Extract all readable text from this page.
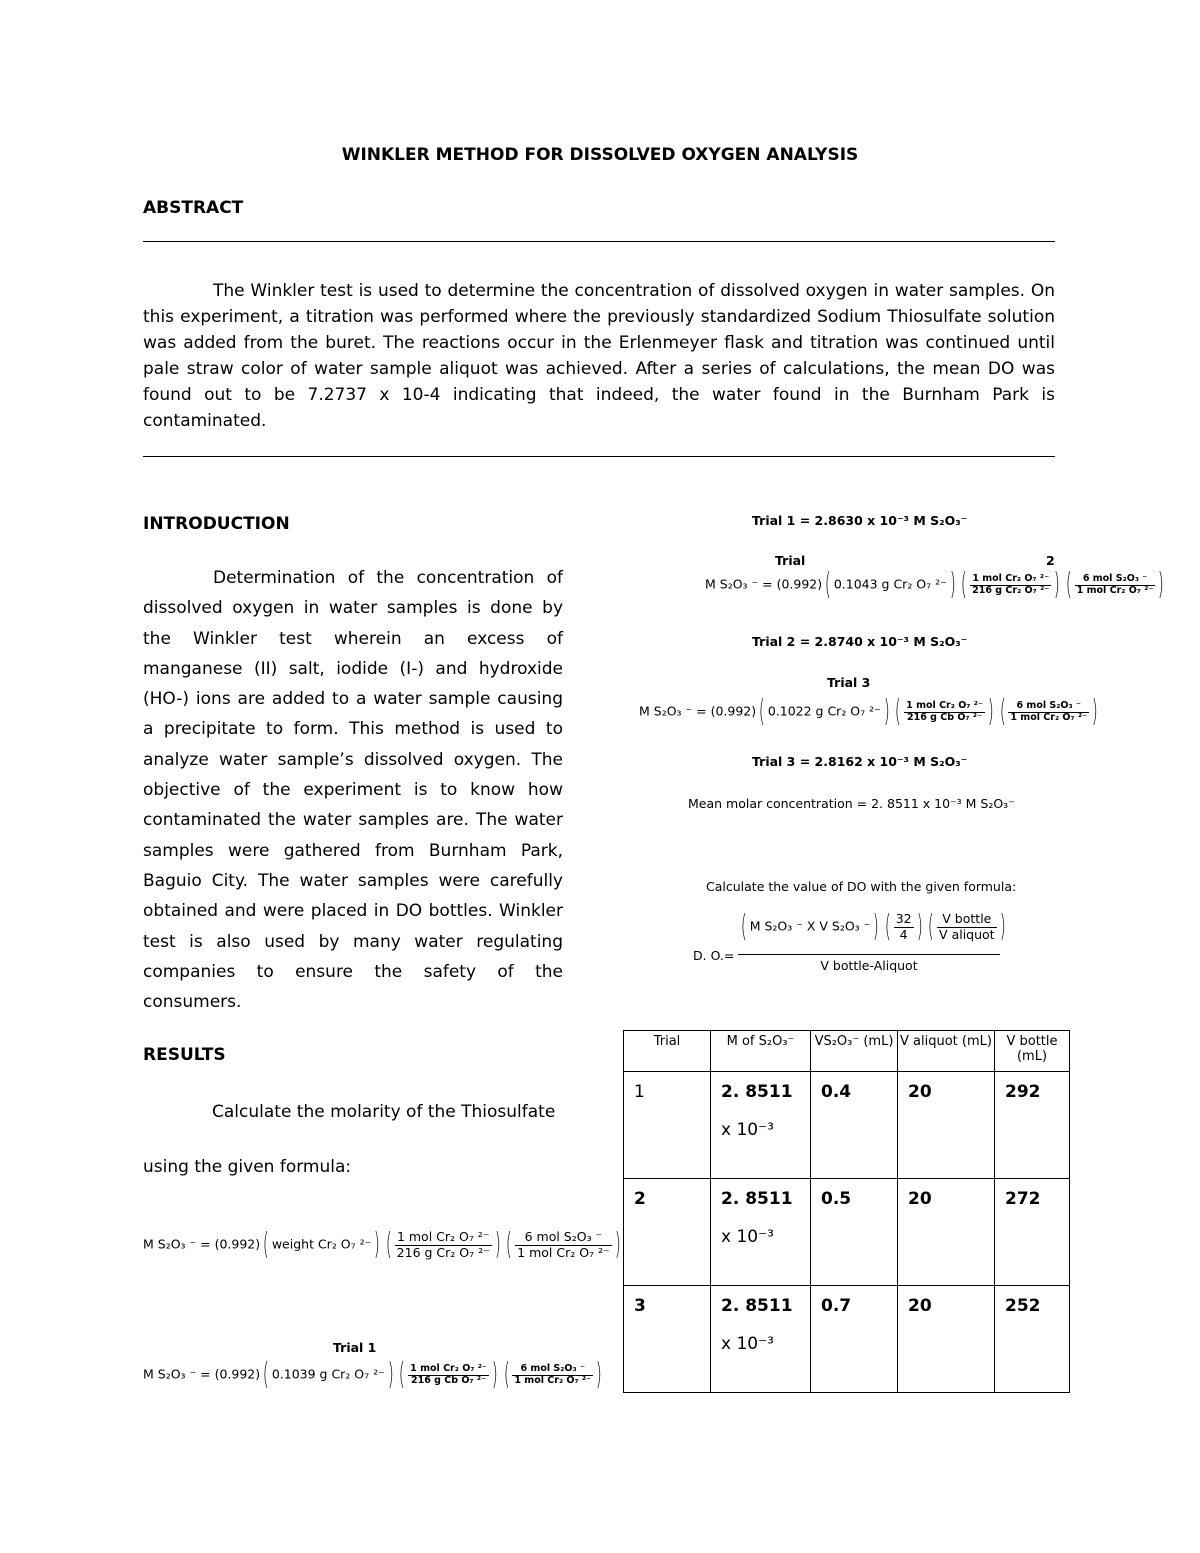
WINKLER METHOD FOR DISSOLVED OXYGEN ANALYSIS
ABSTRACT
The Winkler test is used to determine the concentration of dissolved oxygen in water samples. On this experiment, a titration was performed where the previously standardized Sodium Thiosulfate solution was added from the buret. The reactions occur in the Erlenmeyer flask and titration was continued until pale straw color of water sample aliquot was achieved. After a series of calculations, the mean DO was found out to be 7.2737 x 10-4 indicating that indeed, the water found in the Burnham Park is contaminated.
INTRODUCTION
Determination of the concentration of dissolved oxygen in water samples is done by the Winkler test wherein an excess of manganese (II) salt, iodide (I-) and hydroxide (HO-) ions are added to a water sample causing a precipitate to form. This method is used to analyze water sample’s dissolved oxygen. The objective of the experiment is to know how contaminated the water samples are. The water samples were gathered from Burnham Park, Baguio City. The water samples were carefully obtained and were placed in DO bottles. Winkler test is also used by many water regulating companies to ensure the safety of the consumers.
RESULTS
Calculate the molarity of the Thiosulfate
using the given formula:
M S₂O₃ ⁻ = (0.992)( weight Cr₂ O₇ ²⁻) ( $\frac{\text{1 mol Cr₂ O₇ ²⁻}}{\text{216 g Cr₂ O₇ ²⁻}}$ ) ( $\frac{\text{6 mol S₂O₃ ⁻}}{\text{1 mol Cr₂ O₇ ²⁻}}$ )
Trial 1
M S₂O₃ ⁻ = (0.992)( 0.1039 g Cr₂ O₇ ²⁻) ( $\frac{\text{1 mol Cr₂ O₇ ²⁻}}{\text{216 g Cb O₇ ²⁻}}$ ) ( $\frac{\text{6 mol S₂O₃ ⁻}}{\text{1 mol Cr₂ O₇ ²⁻}}$ )
Trial 1 = 2.8630 x 10⁻³ M S₂O₃⁻
Trial	2
M S₂O₃ ⁻ = (0.992)( 0.1043 g Cr₂ O₇ ²⁻) ( $\frac{\text{1 mol Cr₂ O₇ ²⁻}}{\text{216 g Cr₂ O₇ ²⁻}}$ ) ( $\frac{\text{6 mol S₂O₃ ⁻}}{\text{1 mol Cr₂ O₇ ²⁻}}$ )
Trial 2 = 2.8740 x 10⁻³ M S₂O₃⁻
Trial 3
M S₂O₃ ⁻ = (0.992)( 0.1022 g Cr₂ O₇ ²⁻) ( $\frac{\text{1 mol Cr₂ O₇ ²⁻}}{\text{216 g Cb O₇ ²⁻}}$ ) ( $\frac{\text{6 mol S₂O₃ ⁻}}{\text{1 mol Cr₂ O₇ ²⁻}}$ )
Trial 3 = 2.8162 x 10⁻³ M S₂O₃⁻
Mean molar concentration = 2. 8511 x 10⁻³ M S₂O₃⁻
Calculate the value of DO with the given formula:
D. O.=
( M S₂O₃ ⁻ X V S₂O₃ ⁻) ( $\frac{32}{4}$ ) ( $\frac{\text{V bottle}}{\text{V aliquot}}$ )
V bottle-Aliquot
Trial	M of S₂O₃⁻	VS₂O₃⁻ (mL)	V aliquot (mL)	V bottle (mL)
1	2. 8511
x 10⁻³	0.4	20	292
2	2. 8511
x 10⁻³	0.5	20	272
3	2. 8511
x 10⁻³	0.7	20	252
